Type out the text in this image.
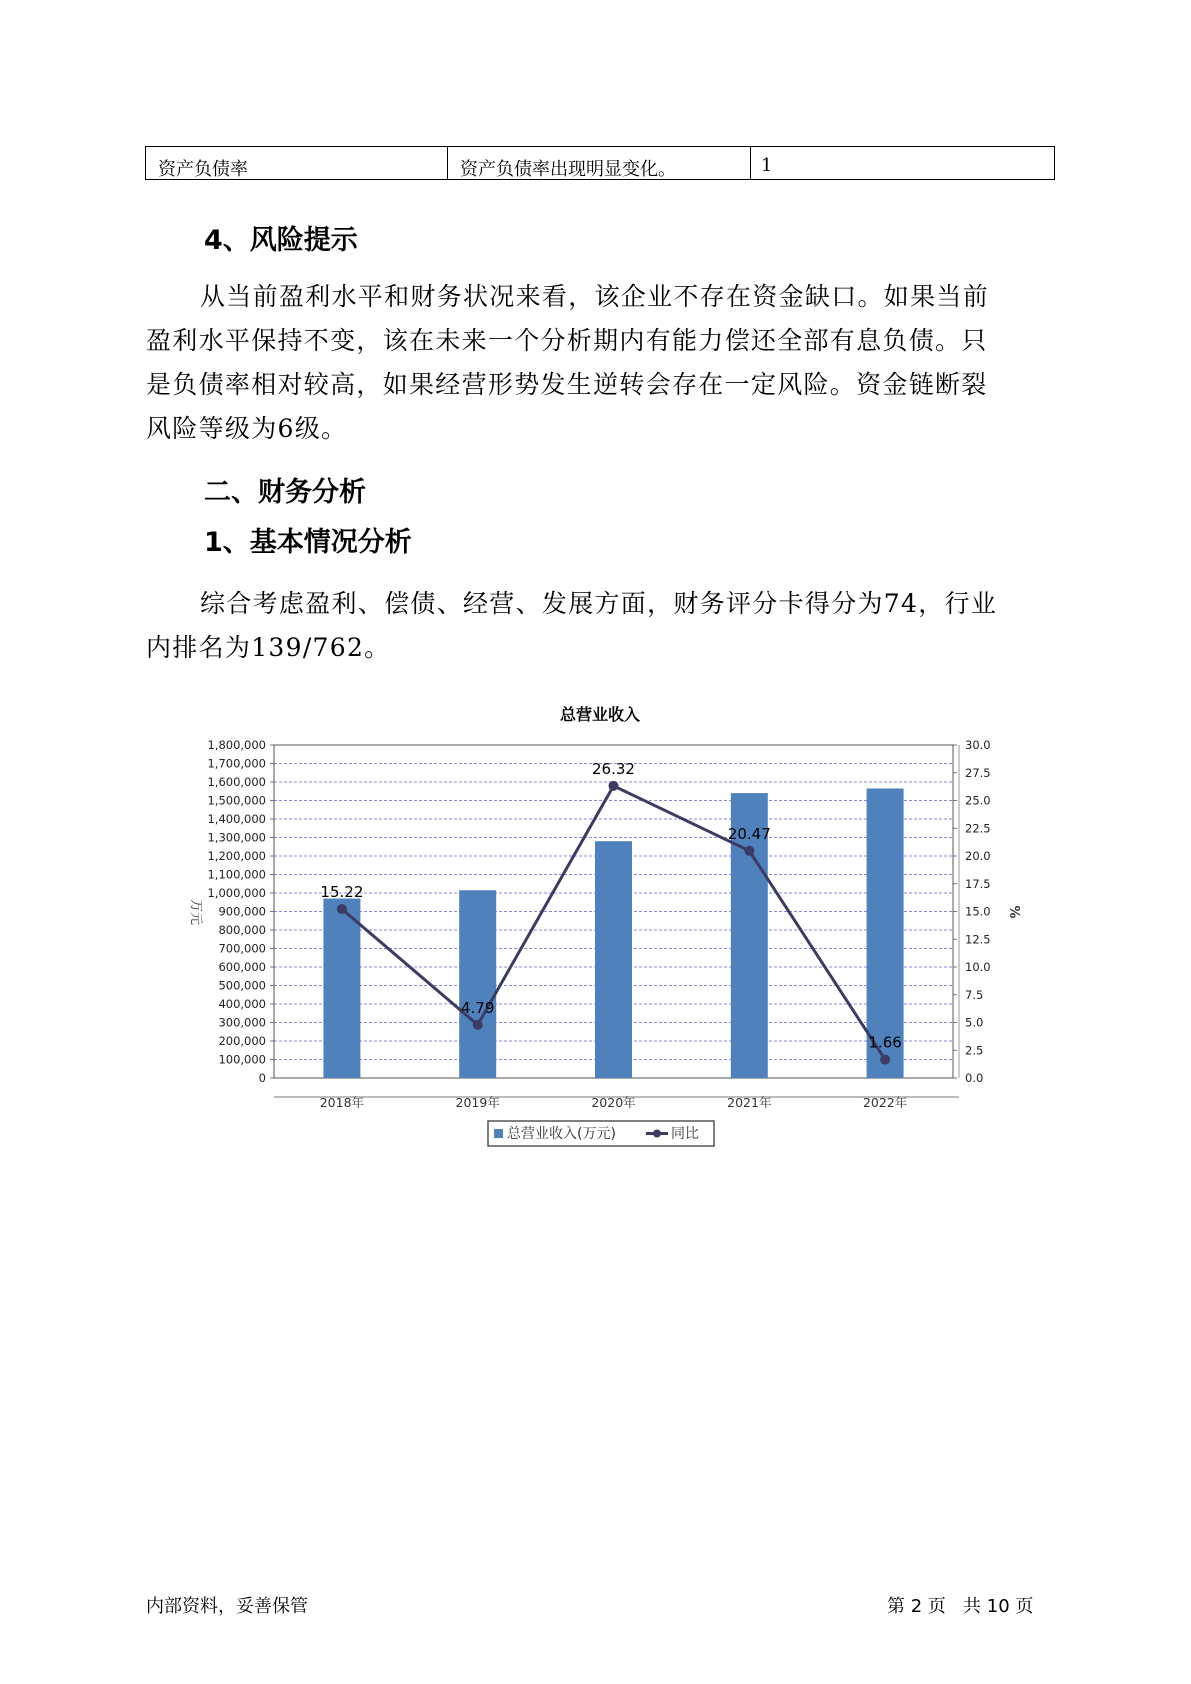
资产负债率	资产负债率出现明显变化。	1
4、风险提示

从当前盈利水平和财务状况来看，该企业不存在资金缺口。如果当前

盈利水平保持不变，该在未来一个分析期内有能力偿还全部有息负债。只

是负债率相对较高，如果经营形势发生逆转会存在一定风险。资金链断裂

风险等级为6级。

二、财务分析
1、基本情况分析

综合考虑盈利、偿债、经营、发展方面，财务评分卡得分为74，行业

内排名为139/762。

总营业收入
0
100,000
200,000
300,000
400,000
500,000
600,000
700,000
800,000
900,000
1,000,000
1,100,000
1,200,000
1,300,000
1,400,000
1,500,000
1,600,000
1,700,000
1,800,000
0.0
2.5
5.0
7.5
10.0
12.5
15.0
17.5
20.0
22.5
25.0
27.5
30.0
2018年	2019年	2020年	2021年	2022年
15.22
4.79
26.32
20.47
1.66
万元	%
总营业收入(万元)	同比
内部资料，妥善保管	第 2 页   共 10 页
